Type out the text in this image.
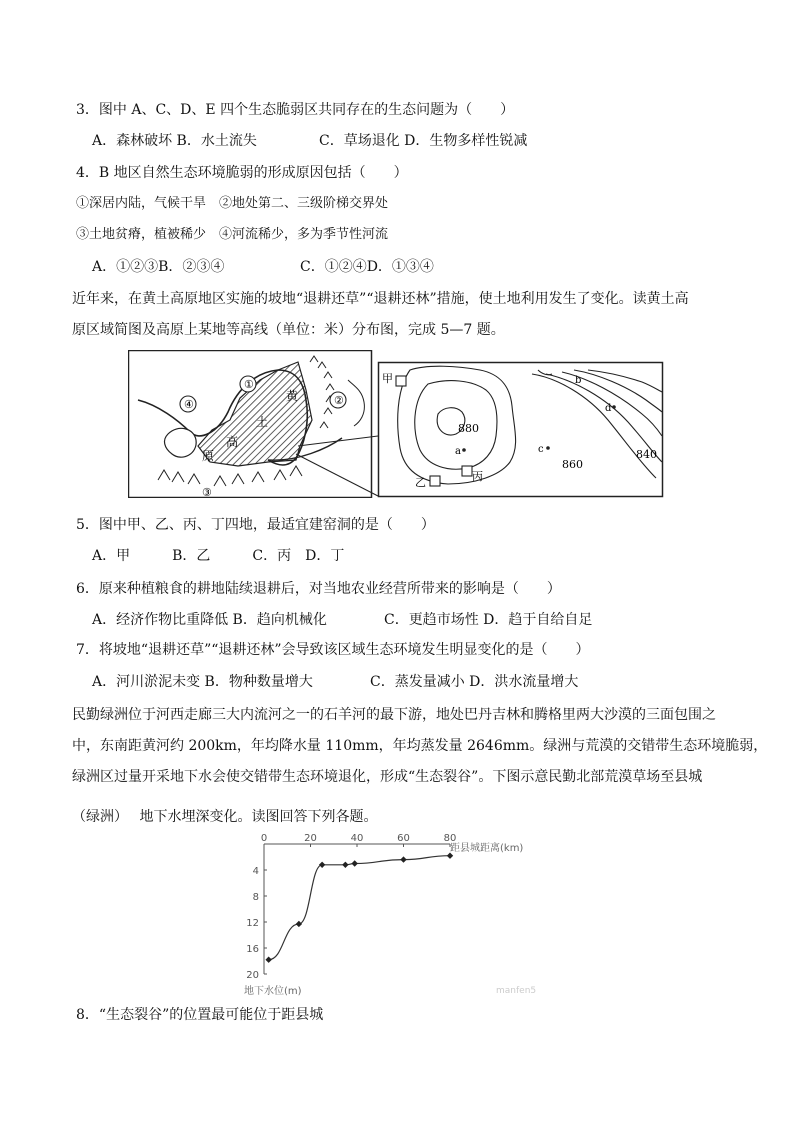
3．图中 A、C、D、E 四个生态脆弱区共同存在的生态问题为（　　）
A．森林破坏 B．水土流失	C．草场退化 D．生物多样性锐减
4．B 地区自然生态环境脆弱的形成原因包括（　　）
①深居内陆，气候干旱　②地处第二、三级阶梯交界处
③土地贫瘠，植被稀少　④河流稀少，多为季节性河流
A．①②③B．②③④	C．①②④D．①③④
近年来，在黄土高原地区实施的坡地“退耕还草”“退耕还林”措施，使土地利用发生了变化。读黄土高
原区域简图及高原上某地等高线（单位：米）分布图，完成 5—7 题。
①
②
③
④
黄
土
高
原
甲
乙	丙
a
b
c
d
880
860
840
5．图中甲、乙、丙、丁四地，最适宜建窑洞的是（　　）
A．甲　　　B．乙　　　C．丙　D．丁
6．原来种植粮食的耕地陆续退耕后，对当地农业经营所带来的影响是（　　）
A．经济作物比重降低 B．趋向机械化	C．更趋市场性 D．趋于自给自足
7．将坡地“退耕还草”“退耕还林”会导致该区域生态环境发生明显变化的是（　　）
A．河川淤泥未变 B．物种数量增大	C．蒸发量减小 D．洪水流量增大
民勤绿洲位于河西走廊三大内流河之一的石羊河的最下游，地处巴丹吉林和腾格里两大沙漠的三面包围之
中，东南距黄河约 200km，年均降水量 110mm，年均蒸发量 2646mm。绿洲与荒漠的交错带生态环境脆弱，
绿洲区过量开采地下水会使交错带生态环境退化，形成“生态裂谷”。下图示意民勤北部荒漠草场至县城
（绿洲）　 地下水埋深变化。读图回答下列各题。
0	20	40	60	80
4
8
12
16
20
距县城距离(km)
地下水位(m)	manfen5
8．“生态裂谷”的位置最可能位于距县城
